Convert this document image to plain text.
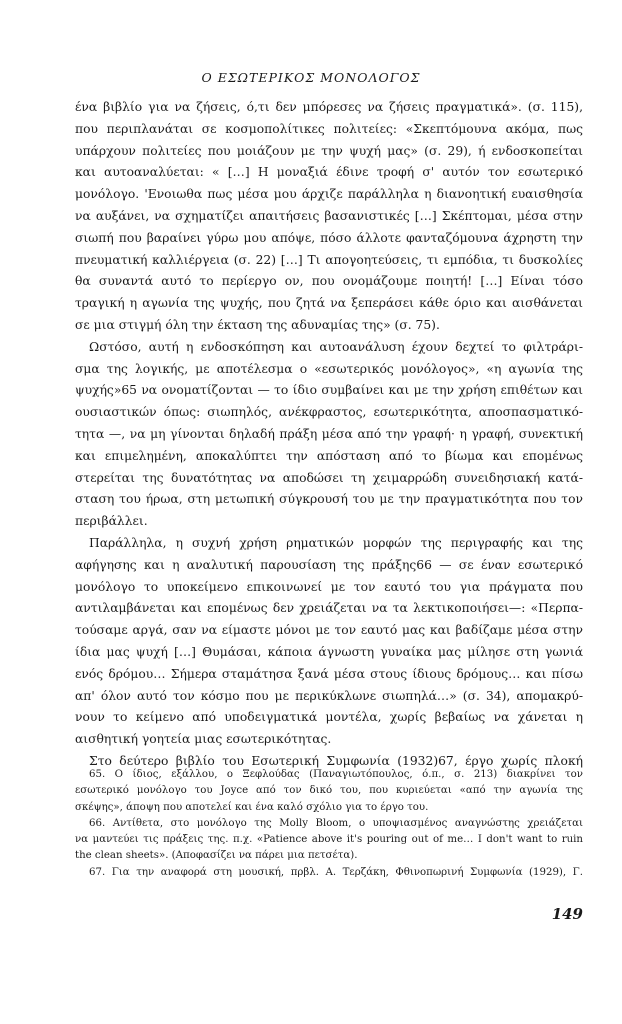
Ο ΕΣΩΤΕΡΙΚΟΣ ΜΟΝΟΛΟΓΟΣ
ένα βιβλίο για να ζήσεις, ό,τι δεν μπόρεσες να ζήσεις πραγματικά». (σ. 115),
που περιπλανάται σε κοσμοπολίτικες πολιτείες: «Σκεπτόμουνα ακόμα, πως
υπάρχουν πολιτείες που μοιάζουν με την ψυχή μας» (σ. 29), ή ενδοσκοπείται
και αυτοαναλύεται: « […] Η μοναξιά έδινε τροφή σ' αυτόν τον εσωτερικό
μονόλογο. 'Ενοιωθα πως μέσα μου άρχιζε παράλληλα η διανοητική ευαισθησία
να αυξάνει, να σχηματίζει απαιτήσεις βασανιστικές […] Σκέπτομαι, μέσα στην
σιωπή που βαραίνει γύρω μου απόψε, πόσο άλλοτε φανταζόμουνα άχρηστη την
πνευματική καλλιέργεια (σ. 22) […] Τι απογοητεύσεις, τι εμπόδια, τι δυσκολίες
θα συναντά αυτό το περίεργο ον, που ονομάζουμε ποιητή! […] Είναι τόσο
τραγική η αγωνία της ψυχής, που ζητά να ξεπεράσει κάθε όριο και αισθάνεται
σε μια στιγμή όλη την έκταση της αδυναμίας της» (σ. 75).
Ωστόσο, αυτή η ενδοσκόπηση και αυτοανάλυση έχουν δεχτεί το φιλτράρι-
σμα της λογικής, με αποτέλεσμα ο «εσωτερικός μονόλογος», «η αγωνία της
ψυχής»65 να ονοματίζονται — το ίδιο συμβαίνει και με την χρήση επιθέτων και
ουσιαστικών όπως: σιωπηλός, ανέκφραστος, εσωτερικότητα, αποσπασματικό-
τητα —, να μη γίνονται δηλαδή πράξη μέσα από την γραφή· η γραφή, συνεκτική
και επιμελημένη, αποκαλύπτει την απόσταση από το βίωμα και επομένως
στερείται της δυνατότητας να αποδώσει τη χειμαρρώδη συνειδησιακή κατά-
σταση του ήρωα, στη μετωπική σύγκρουσή του με την πραγματικότητα που τον
περιβάλλει.
Παράλληλα, η συχνή χρήση ρηματικών μορφών της περιγραφής και της
αφήγησης και η αναλυτική παρουσίαση της πράξης66 — σε έναν εσωτερικό
μονόλογο το υποκείμενο επικοινωνεί με τον εαυτό του για πράγματα που
αντιλαμβάνεται και επομένως δεν χρειάζεται να τα λεκτικοποιήσει—: «Περπα-
τούσαμε αργά, σαν να είμαστε μόνοι με τον εαυτό μας και βαδίζαμε μέσα στην
ίδια μας ψυχή […] Θυμάσαι, κάποια άγνωστη γυναίκα μας μίλησε στη γωνιά
ενός δρόμου… Σήμερα σταμάτησα ξανά μέσα στους ίδιους δρόμους… και πίσω
απ' όλον αυτό τον κόσμο που με περικύκλωνε σιωπηλά…» (σ. 34), απομακρύ-
νουν το κείμενο από υποδειγματικά μοντέλα, χωρίς βεβαίως να χάνεται η
αισθητική γοητεία μιας εσωτερικότητας.
Στο δεύτερο βιβλίο του Εσωτερική Συμφωνία (1932)67, έργο χωρίς πλοκή
65. Ο ίδιος, εξάλλου, ο Ξεφλούδας (Παναγιωτόπουλος, ό.π., σ. 213) διακρίνει τον
εσωτερικό μονόλογο του Joyce από τον δικό του, που κυριεύεται «από την αγωνία της
σκέψης», άποψη που αποτελεί και ένα καλό σχόλιο για το έργο του.
66. Αντίθετα, στο μονόλογο της Molly Bloom, ο υποψιασμένος αναγνώστης χρειάζεται
να μαντεύει τις πράξεις της. π.χ. «Patience above it's pouring out of me… I don't want to ruin
the clean sheets». (Αποφασίζει να πάρει μια πετσέτα).
67. Για την αναφορά στη μουσική, πρβλ. Α. Τερζάκη, Φθινοπωρινή Συμφωνία (1929), Γ.
149
